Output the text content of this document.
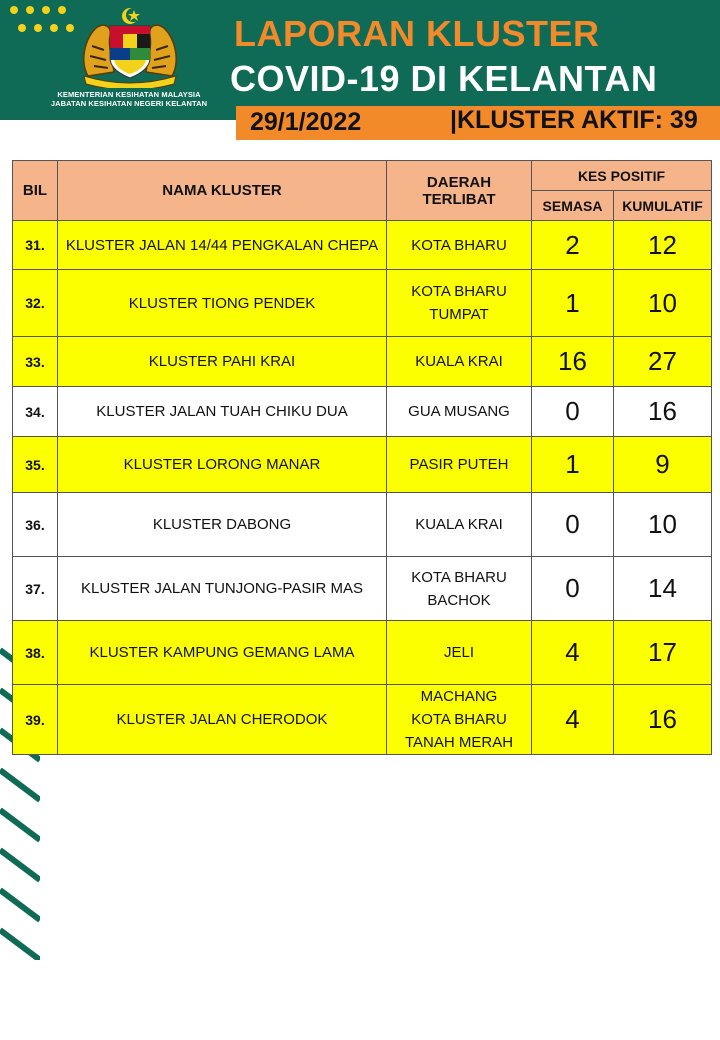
KEMENTERIAN KESIHATAN MALAYSIA
JABATAN KESIHATAN NEGERI KELANTAN
LAPORAN KLUSTER
COVID-19 DI KELANTAN
29/1/2022	|KLUSTER AKTIF: 39
BIL	NAMA KLUSTER	DAERAH
TERLIBAT	KES POSITIF	
			SEMASA	KUMULATIF
31.	KLUSTER JALAN 14/44 PENGKALAN CHEPA	KOTA BHARU	2	12
32.	KLUSTER TIONG PENDEK	KOTA BHARU
TUMPAT	1	10
33.	KLUSTER PAHI KRAI	KUALA KRAI	16	27
34.	KLUSTER JALAN TUAH CHIKU DUA	GUA MUSANG	0	16
35.	KLUSTER LORONG MANAR	PASIR PUTEH	1	9
36.	KLUSTER DABONG	KUALA KRAI	0	10
37.	KLUSTER JALAN TUNJONG-PASIR MAS	KOTA BHARU
BACHOK	0	14
38.	KLUSTER KAMPUNG GEMANG LAMA	JELI	4	17
39.	KLUSTER JALAN CHERODOK	MACHANG
KOTA BHARU
TANAH MERAH	4	16
